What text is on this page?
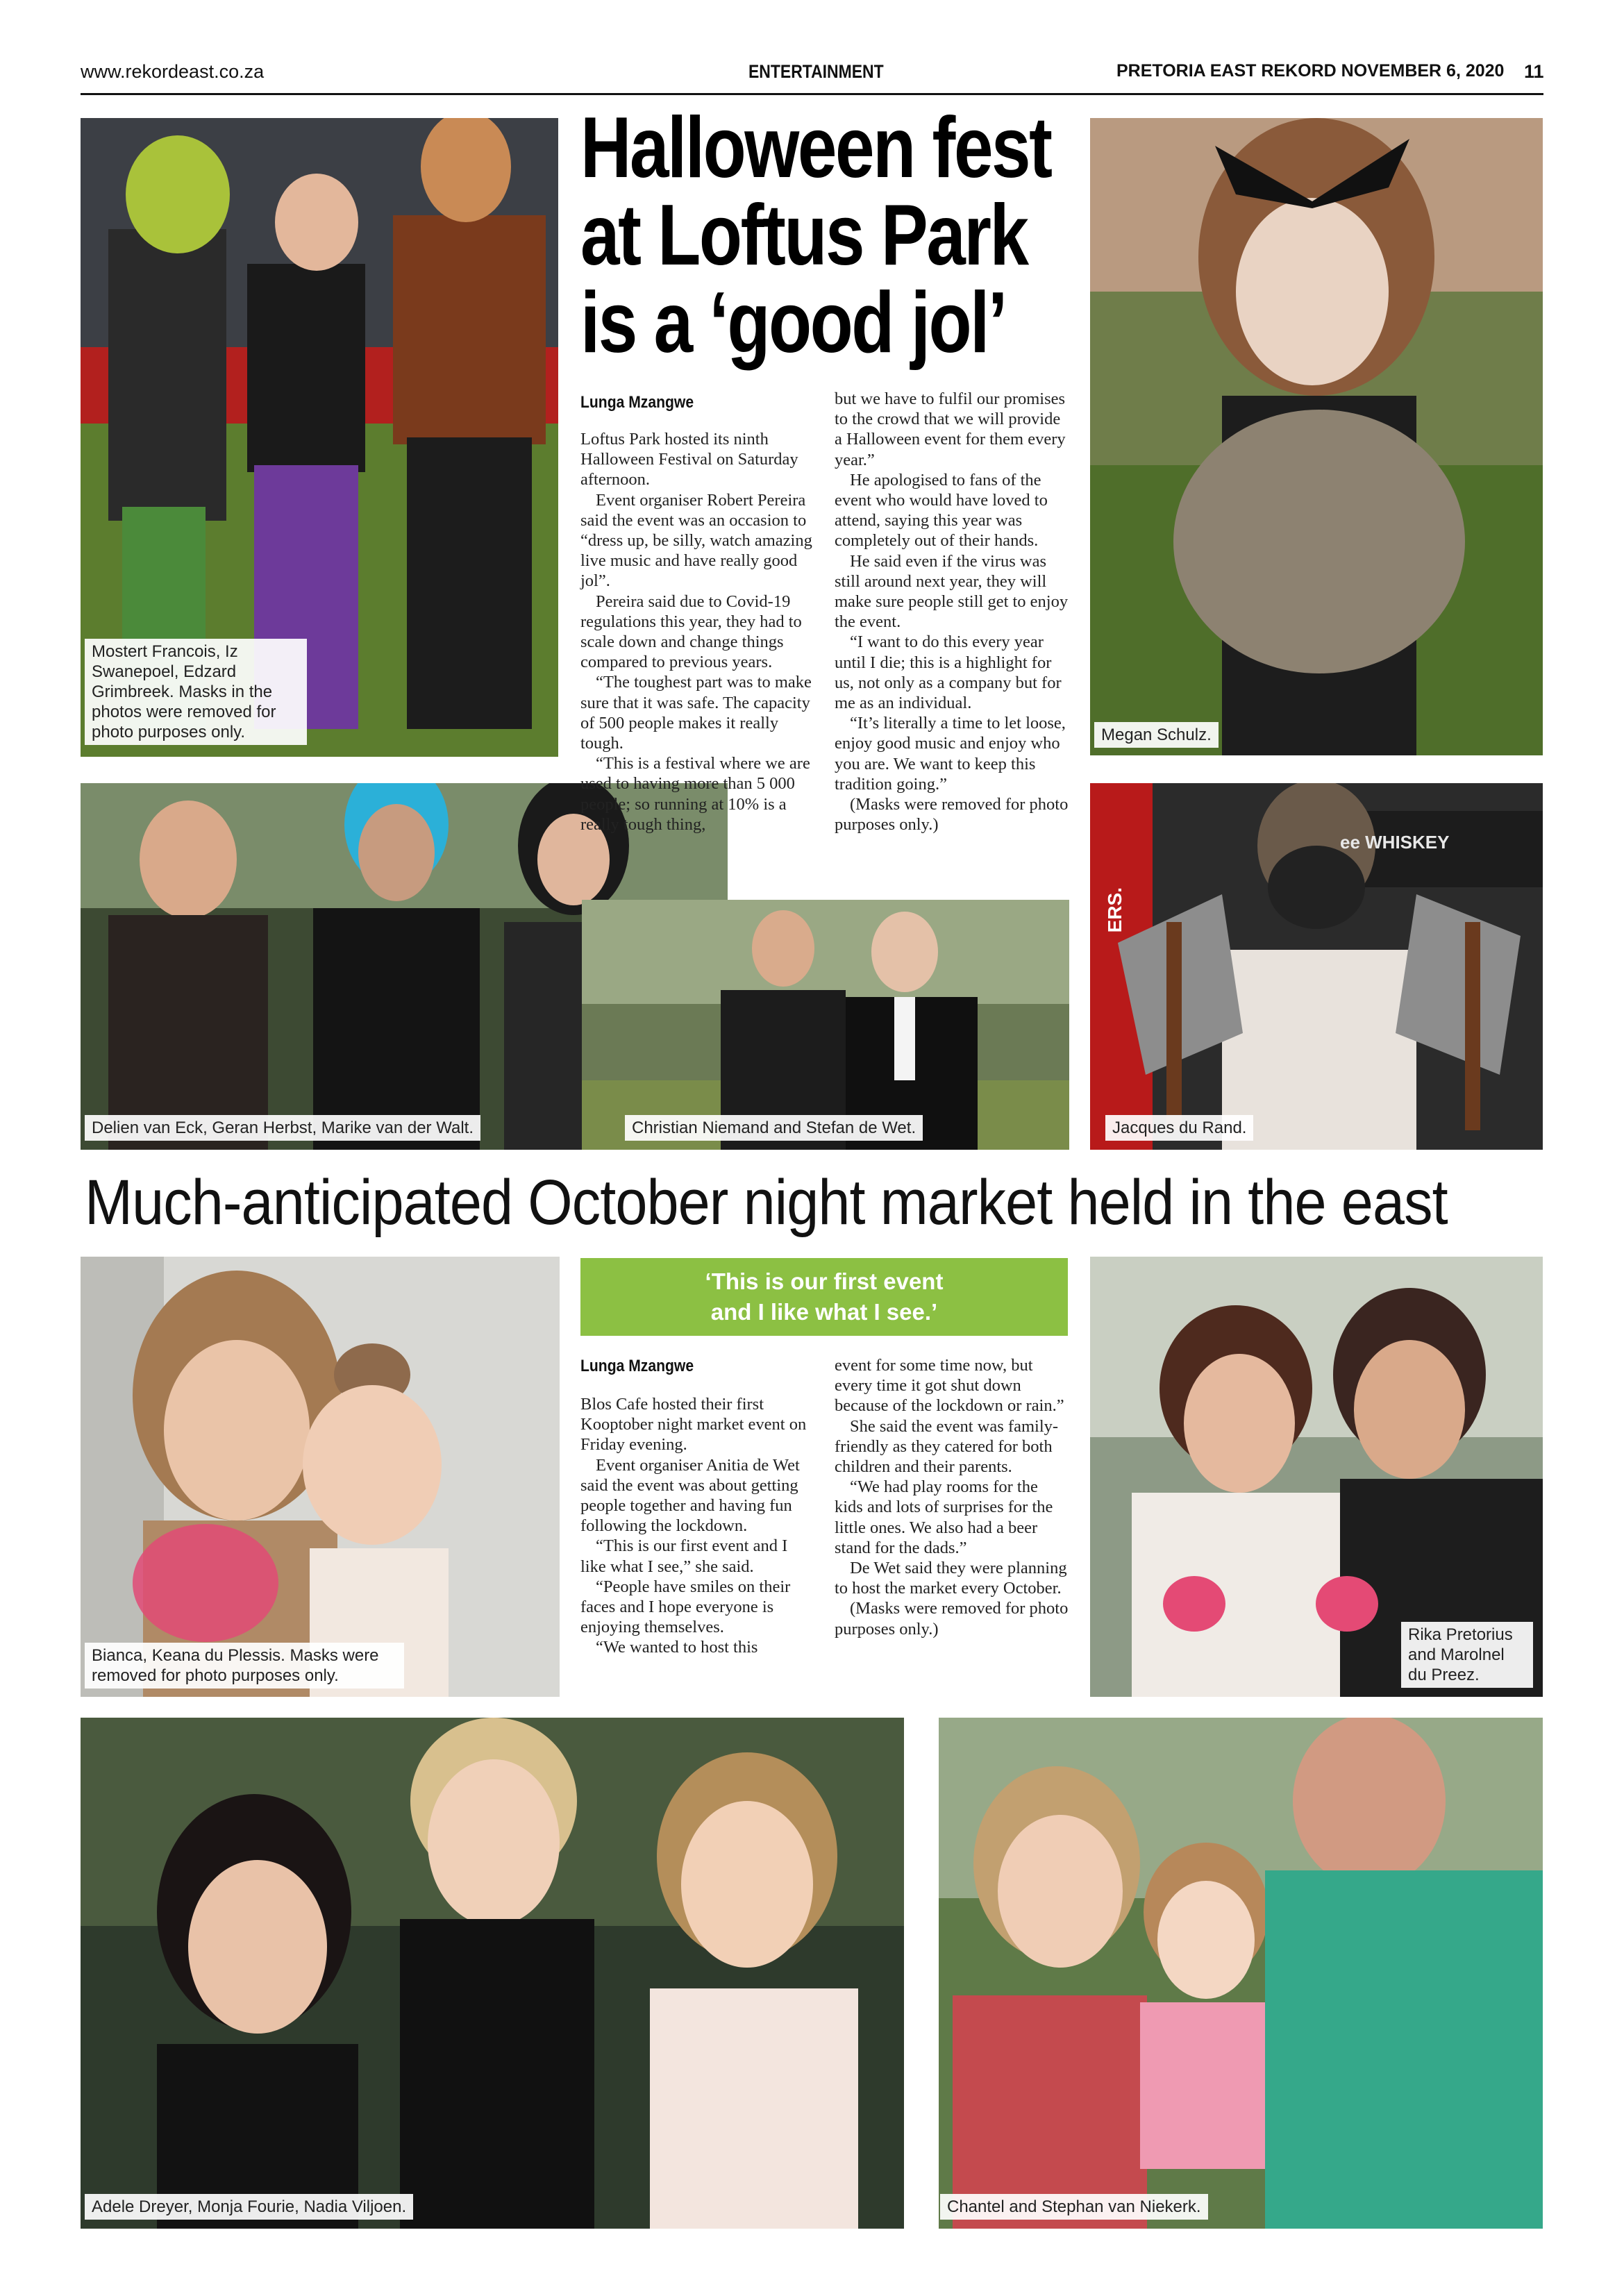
www.rekordeast.co.za	ENTERTAINMENT	PRETORIA EAST REKORD NOVEMBER 6, 2020 11
Mostert Francois, Iz Swanepoel, Edzard Grimbreek. Masks in the photos were removed for photo purposes only.	Megan Schulz.
Delien van Eck, Geran Herbst, Marike van der Walt.	Christian Niemand and Stefan de Wet.
ee WHISKEY
ERS.
Jacques du Rand.
Halloween fest
at Loftus Park
is a ‘good jol’
Lunga Mzangwe

Loftus Park hosted its ninth Halloween Festival on Saturday afternoon.

Event organiser Robert Pereira said the event was an occasion to “dress up, be silly, watch amazing live music and have really good jol”.

Pereira said due to Covid-19 regulations this year, they had to scale down and change things compared to previous years.

“The toughest part was to make sure that it was safe. The capacity of 500 people makes it really tough.

“This is a festival where we are used to having more than 5 000 people; so running at 10% is a really tough thing,

but we have to fulfil our promises to the crowd that we will provide a Halloween event for them every year.”

He apologised to fans of the event who would have loved to attend, saying this year was completely out of their hands.

He said even if the virus was still around next year, they will make sure people still get to enjoy the event.

“I want to do this every year until I die; this is a highlight for us, not only as a company but for me as an individual.

“It’s literally a time to let loose, enjoy good music and enjoy who you are. We want to keep this tradition going.”

(Masks were removed for photo purposes only.)

Much-anticipated October night market held in the east
Bianca, Keana du Plessis. Masks were removed for photo purposes only.
‘This is our first event
and I like what I see.’
Lunga Mzangwe

Blos Cafe hosted their first Kooptober night market event on Friday evening.

Event organiser Anitia de Wet said the event was about getting people together and having fun following the lockdown.

“This is our first event and I like what I see,” she said.

“People have smiles on their faces and I hope everyone is enjoying themselves.

“We wanted to host this

event for some time now, but every time it got shut down because of the lockdown or rain.”

She said the event was family-friendly as they catered for both children and their parents.

“We had play rooms for the kids and lots of surprises for the little ones. We also had a beer stand for the dads.”

De Wet said they were planning to host the market every October.

(Masks were removed for photo purposes only.)	Rika Pretorius and Marolnel du Preez.
Adele Dreyer, Monja Fourie, Nadia Viljoen.	Chantel and Stephan van Niekerk.
